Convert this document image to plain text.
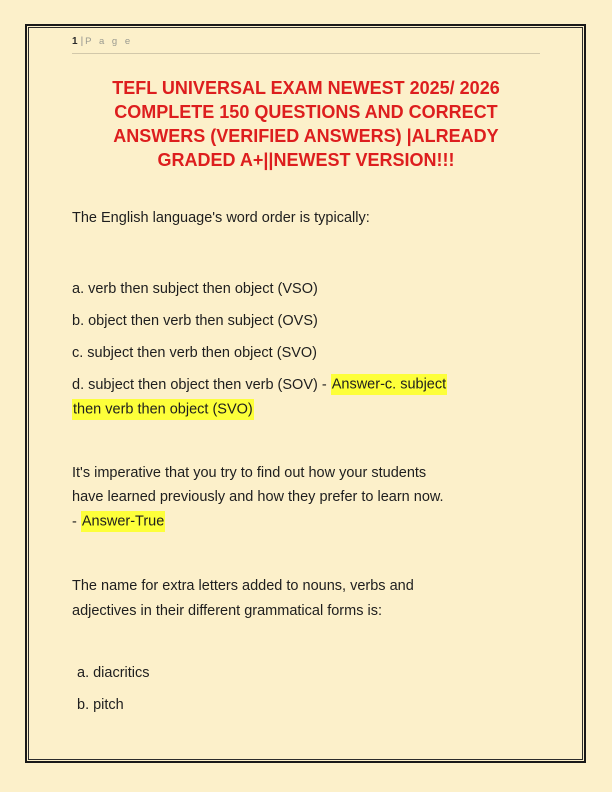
1 | P a g e
TEFL UNIVERSAL EXAM NEWEST 2025/ 2026
COMPLETE 150 QUESTIONS AND CORRECT
ANSWERS (VERIFIED ANSWERS) |ALREADY
GRADED A+||NEWEST VERSION!!!

The English language's word order is typically:

a. verb then subject then object (VSO)

b. object then verb then subject (OVS)

c. subject then verb then object (SVO)

d. subject then object then verb (SOV) - Answer-c. subject
then verb then object (SVO)

It's imperative that you try to find out how your students
have learned previously and how they prefer to learn now.
- Answer-True

The name for extra letters added to nouns, verbs and
adjectives in their different grammatical forms is:

a. diacritics

b. pitch
